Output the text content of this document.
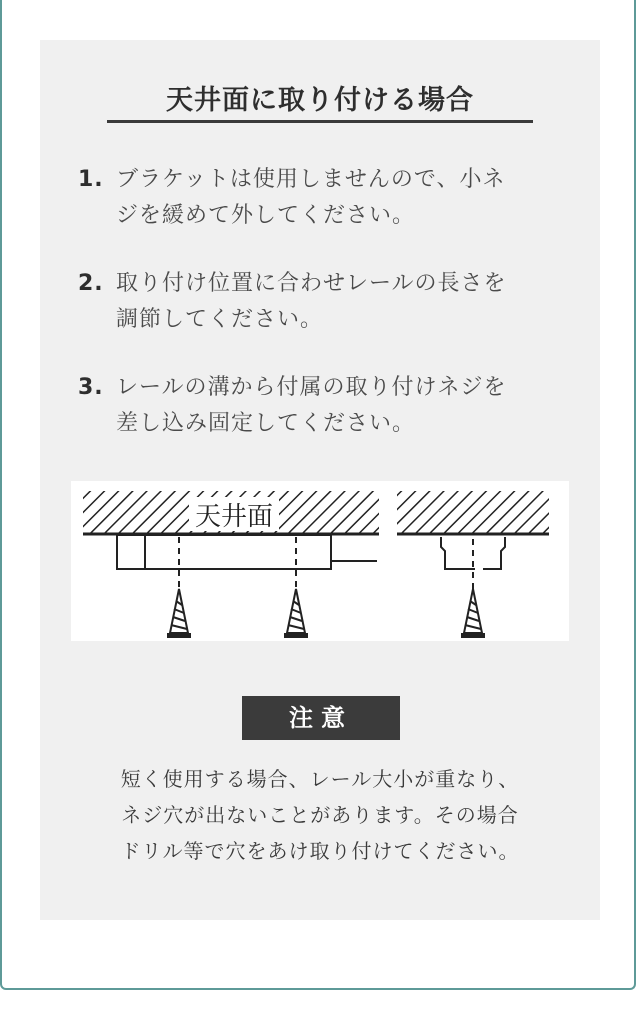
天井面に取り付ける場合
1. ブラケットは使用しませんので、小ネ
ジを緩めて外してください。
2. 取り付け位置に合わせレールの長さを
調節してください。
3. レールの溝から付属の取り付けネジを
差し込み固定してください。
天井面
注意
短く使用する場合、レール大小が重なり、
ネジ穴が出ないことがあります。その場合
ドリル等で穴をあけ取り付けてください。
